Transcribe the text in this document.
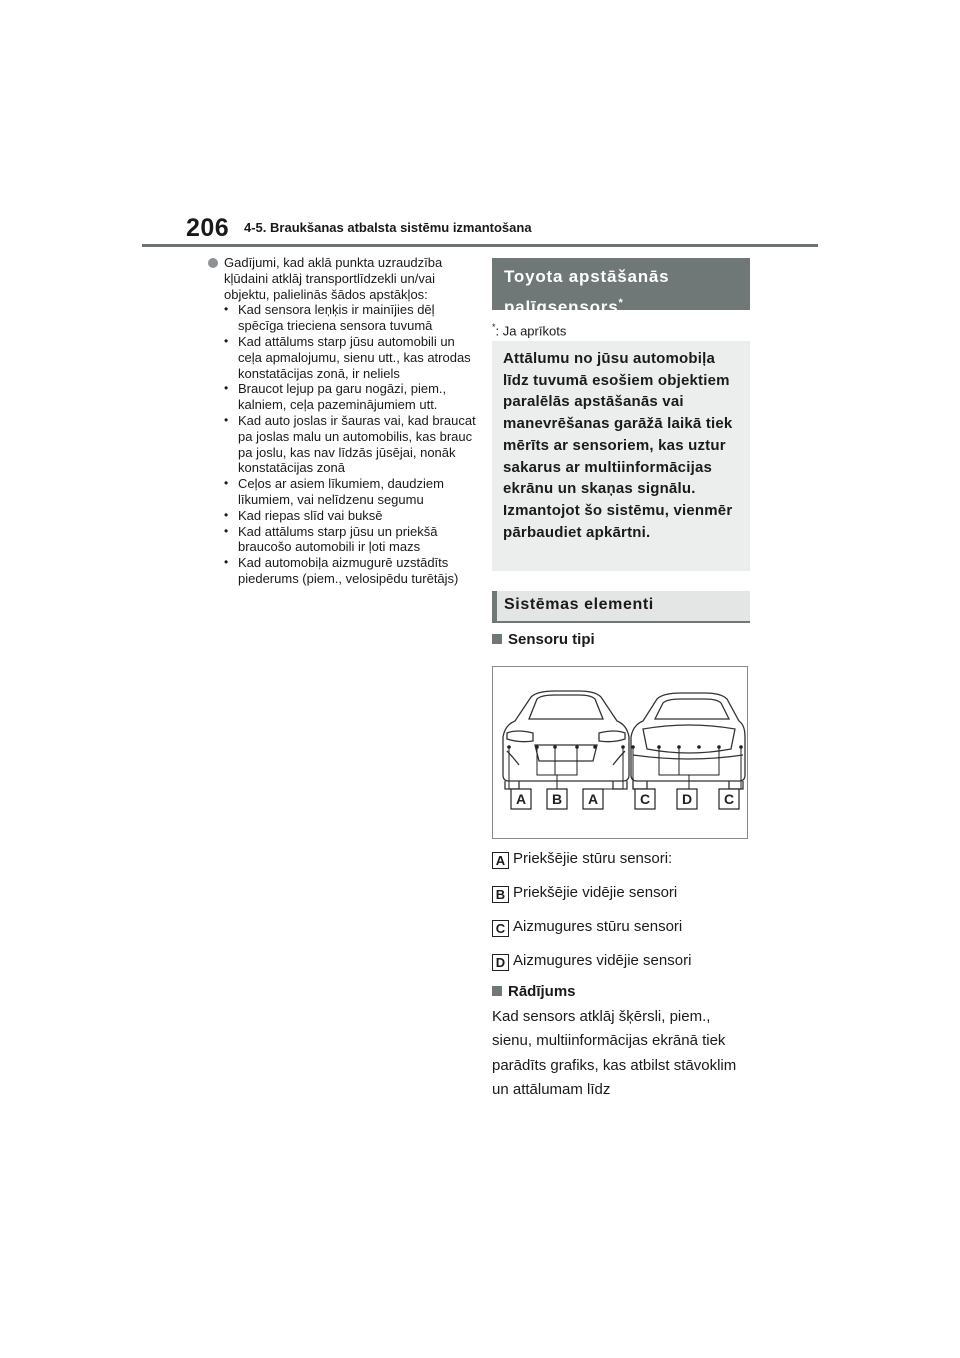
206 4-5. Braukšanas atbalsta sistēmu izmantošana
Gadījumi, kad aklā punkta uzraudzība kļūdaini atklāj transportlīdzekli un/vai objektu, palielinās šādos apstākļos:
• Kad sensora leņķis ir mainījies dēļ spēcīga trieciena sensora tuvumā
• Kad attālums starp jūsu automobili un ceļa apmalojumu, sienu utt., kas atrodas konstatācijas zonā, ir neliels
• Braucot lejup pa garu nogāzi, piem., kalniem, ceļa pazeminājumiem utt.
• Kad auto joslas ir šauras vai, kad braucat pa joslas malu un automobilis, kas brauc pa joslu, kas nav līdzās jūsējai, nonāk konstatācijas zonā
• Ceļos ar asiem līkumiem, daudziem līkumiem, vai nelīdzenu segumu
• Kad riepas slīd vai buksē
• Kad attālums starp jūsu un priekšā braucošo automobili ir ļoti mazs
• Kad automobiļa aizmugurē uzstādīts piederums (piem., velosipēdu turētājs)
Toyota apstāšanās
palīgsensors*
*: Ja aprīkots

Attālumu no jūsu automobiļa līdz tuvumā esošiem objektiem paralēlās apstāšanās vai manevrēšanas garāžā laikā tiek mērīts ar sensoriem, kas uztur sakarus ar multiinformācijas ekrānu un skaņas signālu. Izmantojot šo sistēmu, vienmēr pārbaudiet apkārtni.

Sistēmas elementi
Sensoru tipi
A B A	C D C
A Priekšējie stūru sensori:
B Priekšējie vidējie sensori
C Aizmugures stūru sensori
D Aizmugures vidējie sensori
Rādījums
Kad sensors atklāj šķērsli, piem., sienu, multiinformācijas ekrānā tiek parādīts grafiks, kas atbilst stāvoklim un attālumam līdz
